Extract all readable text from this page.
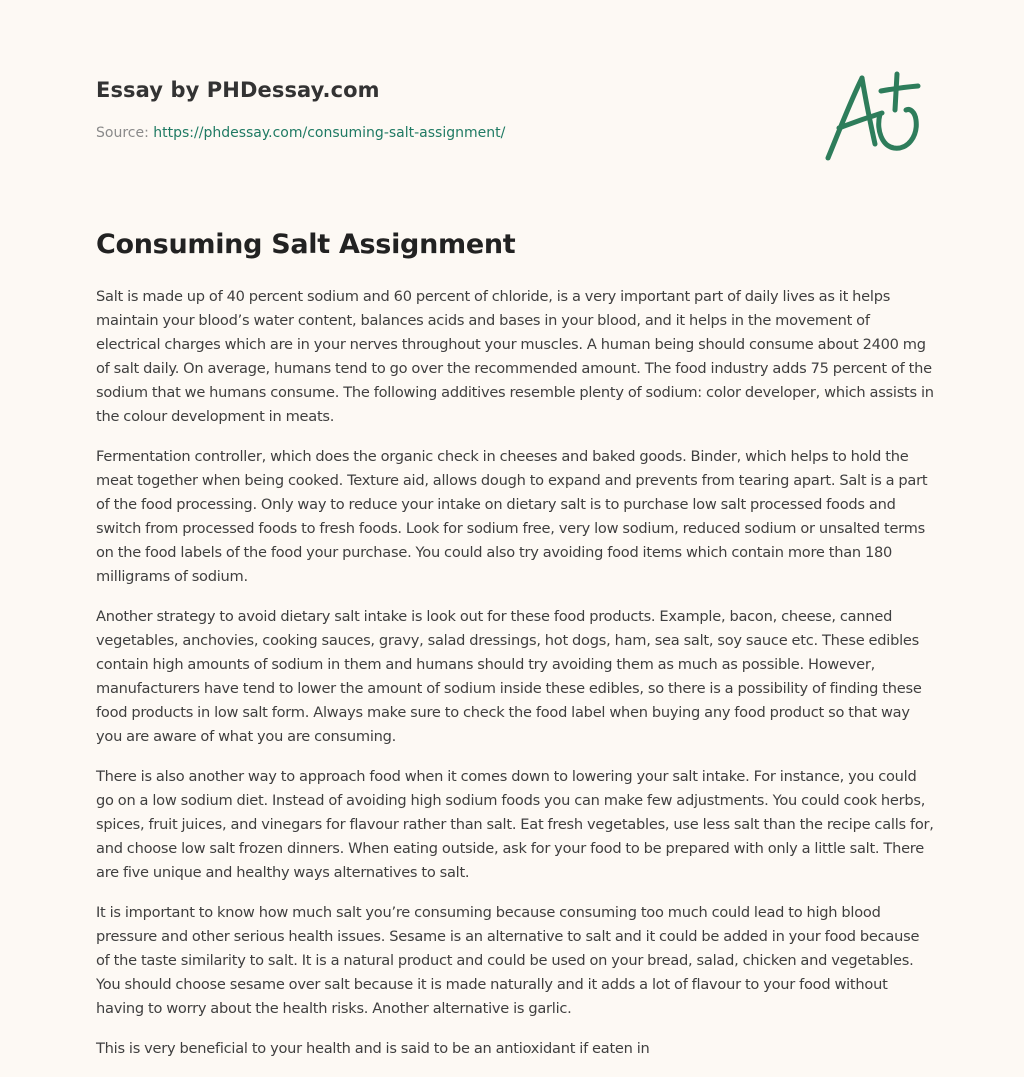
Essay by PHDessay.com
Source: https://phdessay.com/consuming-salt-assignment/
Consuming Salt Assignment

Salt is made up of 40 percent sodium and 60 percent of chloride, is a very important part of daily lives as it helps maintain your blood’s water content, balances acids and bases in your blood, and it helps in the movement of electrical charges which are in your nerves throughout your muscles. A human being should consume about 2400 mg of salt daily. On average, humans tend to go over the recommended amount. The food industry adds 75 percent of the sodium that we humans consume. The following additives resemble plenty of sodium: color developer, which assists in the colour development in meats.

Fermentation controller, which does the organic check in cheeses and baked goods. Binder, which helps to hold the meat together when being cooked. Texture aid, allows dough to expand and prevents from tearing apart. Salt is a part of the food processing. Only way to reduce your intake on dietary salt is to purchase low salt processed foods and switch from processed foods to fresh foods. Look for sodium free, very low sodium, reduced sodium or unsalted terms on the food labels of the food your purchase. You could also try avoiding food items which contain more than 180 milligrams of sodium.

Another strategy to avoid dietary salt intake is look out for these food products. Example, bacon, cheese, canned vegetables, anchovies, cooking sauces, gravy, salad dressings, hot dogs, ham, sea salt, soy sauce etc. These edibles contain high amounts of sodium in them and humans should try avoiding them as much as possible. However, manufacturers have tend to lower the amount of sodium inside these edibles, so there is a possibility of finding these food products in low salt form. Always make sure to check the food label when buying any food product so that way you are aware of what you are consuming.

There is also another way to approach food when it comes down to lowering your salt intake. For instance, you could go on a low sodium diet. Instead of avoiding high sodium foods you can make few adjustments. You could cook herbs, spices, fruit juices, and vinegars for flavour rather than salt. Eat fresh vegetables, use less salt than the recipe calls for, and choose low salt frozen dinners. When eating outside, ask for your food to be prepared with only a little salt. There are five unique and healthy ways alternatives to salt.

It is important to know how much salt you’re consuming because consuming too much could lead to high blood pressure and other serious health issues. Sesame is an alternative to salt and it could be added in your food because of the taste similarity to salt. It is a natural product and could be used on your bread, salad, chicken and vegetables. You should choose sesame over salt because it is made naturally and it adds a lot of flavour to your food without having to worry about the health risks. Another alternative is garlic.

This is very beneficial to your health and is said to be an antioxidant if eaten in
